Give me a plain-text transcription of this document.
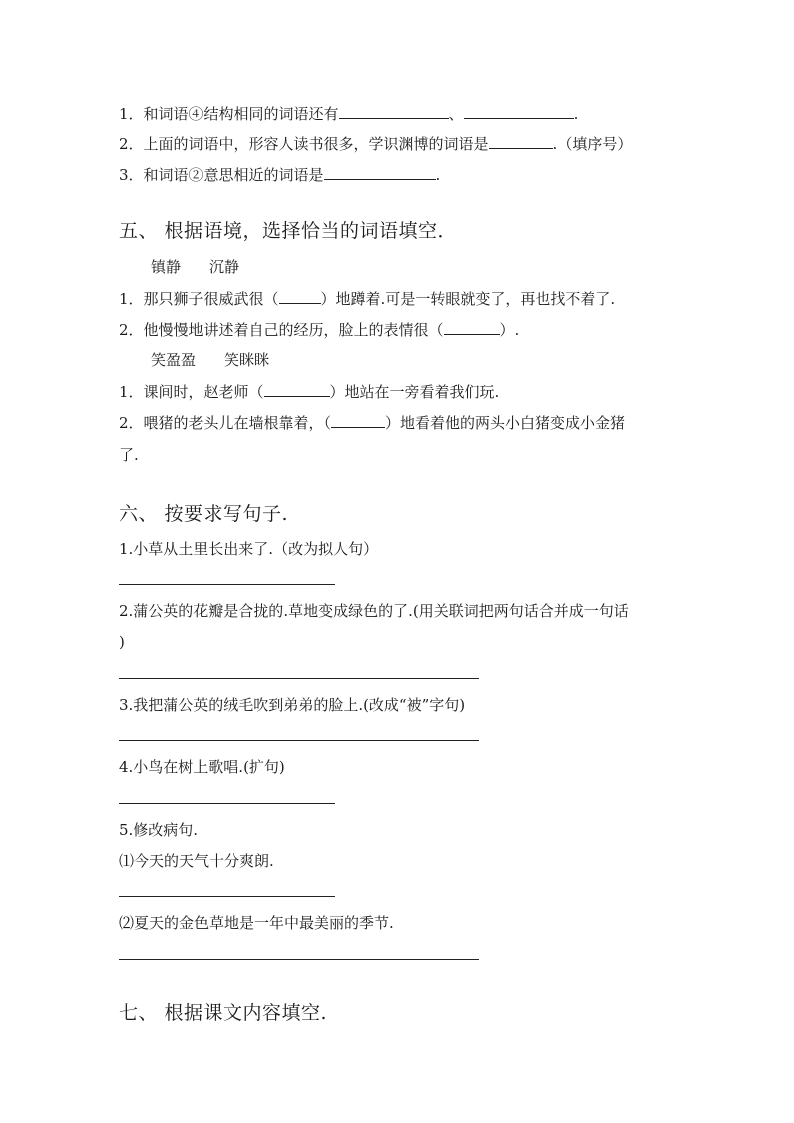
1．和词语④结构相同的词语还有	、	.
2．上面的词语中，形容人读书很多，学识渊博的词语是	.（填序号）
3．和词语②意思相近的词语是	.
五、 根据语境，选择恰当的词语填空．
镇静 沉静
1．那只狮子很威武很（	）地蹲着.可是一转眼就变了，再也找不着了.
2．他慢慢地讲述着自己的经历，脸上的表情很（	）.
笑盈盈 笑眯眯
1．课间时，赵老师（	）地站在一旁看着我们玩.
2．喂猪的老头儿在墙根靠着，（	）地看着他的两头小白猪变成小金猪
了.
六、 按要求写句子.
1.小草从土里长出来了.（改为拟人句）
2.蒲公英的花瓣是合拢的.草地变成绿色的了.(用关联词把两句话合并成一句话
)
3.我把蒲公英的绒毛吹到弟弟的脸上.(改成“被”字句)
4.小鸟在树上歌唱.(扩句)
5.修改病句.
⑴今天的天气十分爽朗.
⑵夏天的金色草地是一年中最美丽的季节.
七、 根据课文内容填空.
